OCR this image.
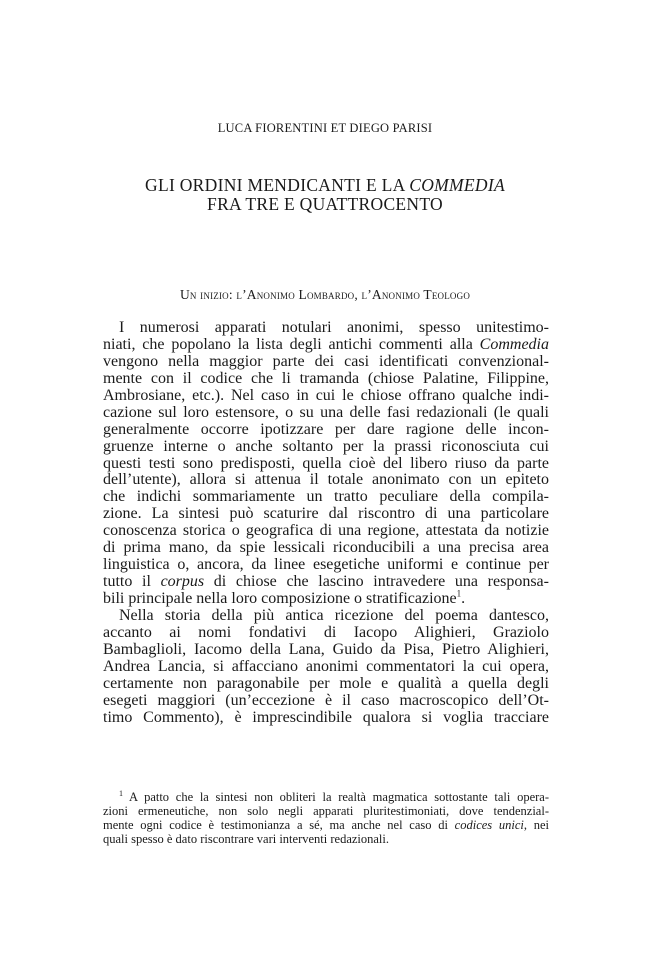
LUCA FIORENTINI ET DIEGO PARISI
GLI ORDINI MENDICANTI E LA COMMEDIA
FRA TRE E QUATTROCENTO
Un inizio: l’Anonimo Lombardo, l’Anonimo Teologo
I numerosi apparati notulari anonimi, spesso unitestimo-
niati, che popolano la lista degli antichi commenti alla Commedia
vengono nella maggior parte dei casi identificati convenzional-
mente con il codice che li tramanda (chiose Palatine, Filippine,
Ambrosiane, etc.). Nel caso in cui le chiose offrano qualche indi-
cazione sul loro estensore, o su una delle fasi redazionali (le quali
generalmente occorre ipotizzare per dare ragione delle incon-
gruenze interne o anche soltanto per la prassi riconosciuta cui
questi testi sono predisposti, quella cioè del libero riuso da parte
dell’utente), allora si attenua il totale anonimato con un epiteto
che indichi sommariamente un tratto peculiare della compila-
zione. La sintesi può scaturire dal riscontro di una particolare
conoscenza storica o geografica di una regione, attestata da notizie
di prima mano, da spie lessicali riconducibili a una precisa area
linguistica o, ancora, da linee esegetiche uniformi e continue per
tutto il corpus di chiose che lascino intravedere una responsa-
bili principale nella loro composizione o stratificazione$^1$.
Nella storia della più antica ricezione del poema dantesco,
accanto ai nomi fondativi di Iacopo Alighieri, Graziolo
Bambaglioli, Iacomo della Lana, Guido da Pisa, Pietro Alighieri,
Andrea Lancia, si affacciano anonimi commentatori la cui opera,
certamente non paragonabile per mole e qualità a quella degli
esegeti maggiori (un’eccezione è il caso macroscopico dell’Ot-
timo Commento), è imprescindibile qualora si voglia tracciare
$^1$ A patto che la sintesi non obliteri la realtà magmatica sottostante tali opera-
zioni ermeneutiche, non solo negli apparati pluritestimoniati, dove tendenzial-
mente ogni codice è testimonianza a sé, ma anche nel caso di codices unici, nei
quali spesso è dato riscontrare vari interventi redazionali.
